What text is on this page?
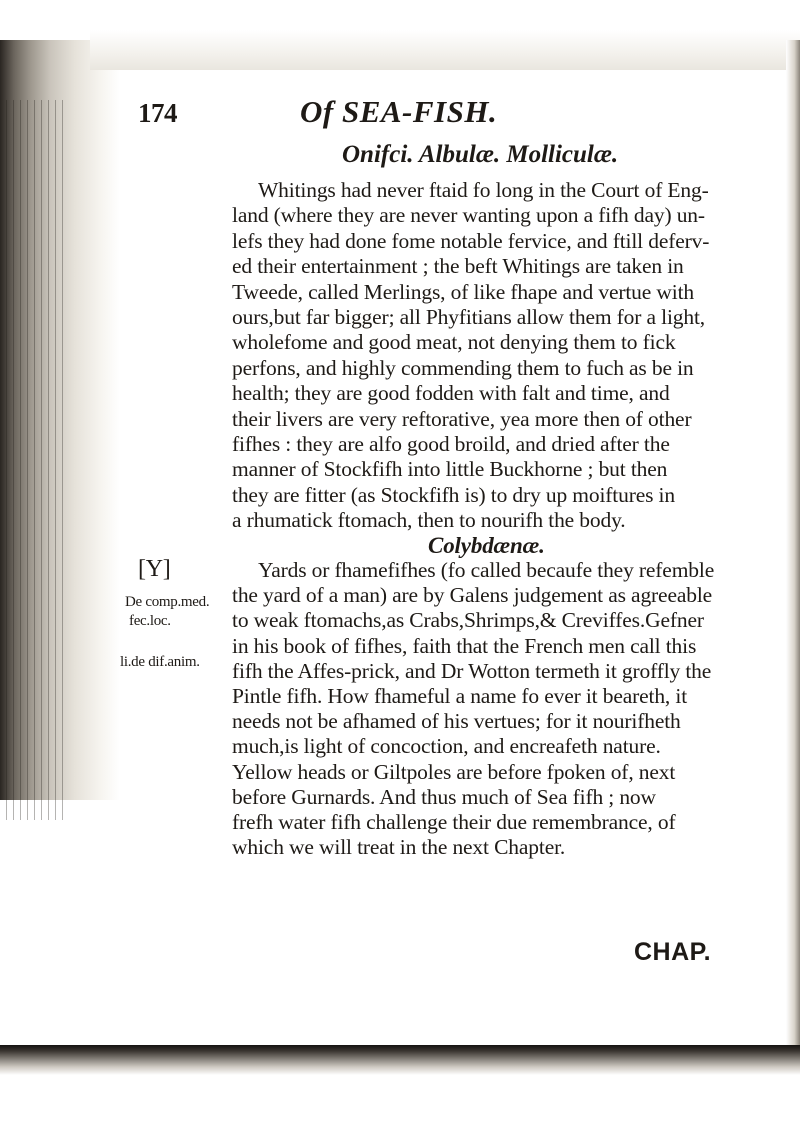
174	Of SEA-FISH.
Onifci. Albulæ. Molliculæ.
Whitings had never ftaid fo long in the Court of Eng-
land (where they are never wanting upon a fifh day) un-
lefs they had done fome notable fervice, and ftill deferv-
ed their entertainment ; the beft Whitings are taken in
Tweede, called Merlings, of like fhape and vertue with
ours,but far bigger; all Phyfitians allow them for a light,
wholefome and good meat, not denying them to fick
perfons, and highly commending them to fuch as be in
health; they are good fodden with falt and time, and
their livers are very reftorative, yea more then of other
fifhes : they are alfo good broild, and dried after the
manner of Stockfifh into little Buckhorne ; but then
they are fitter (as Stockfifh is) to dry up moiftures in
a rhumatick ftomach, then to nourifh the body.
Colybdænæ.
Yards or fhamefifhes (fo called becaufe they refemble
the yard of a man) are by Galens judgement as agreeable
to weak ftomachs,as Crabs,Shrimps,& Creviffes.Gefner
in his book of fifhes, faith that the French men call this
fifh the Affes-prick, and Dr Wotton termeth it groffly the
Pintle fifh. How fhameful a name fo ever it beareth, it
needs not be afhamed of his vertues; for it nourifheth
much,is light of concoction, and encreafeth nature.
Yellow heads or Giltpoles are before fpoken of, next
before Gurnards. And thus much of Sea fifh ; now
frefh water fifh challenge their due remembrance, of
which we will treat in the next Chapter.
[Y]
De comp.med.
fec.loc.
li.de dif.anim.
CHAP.
